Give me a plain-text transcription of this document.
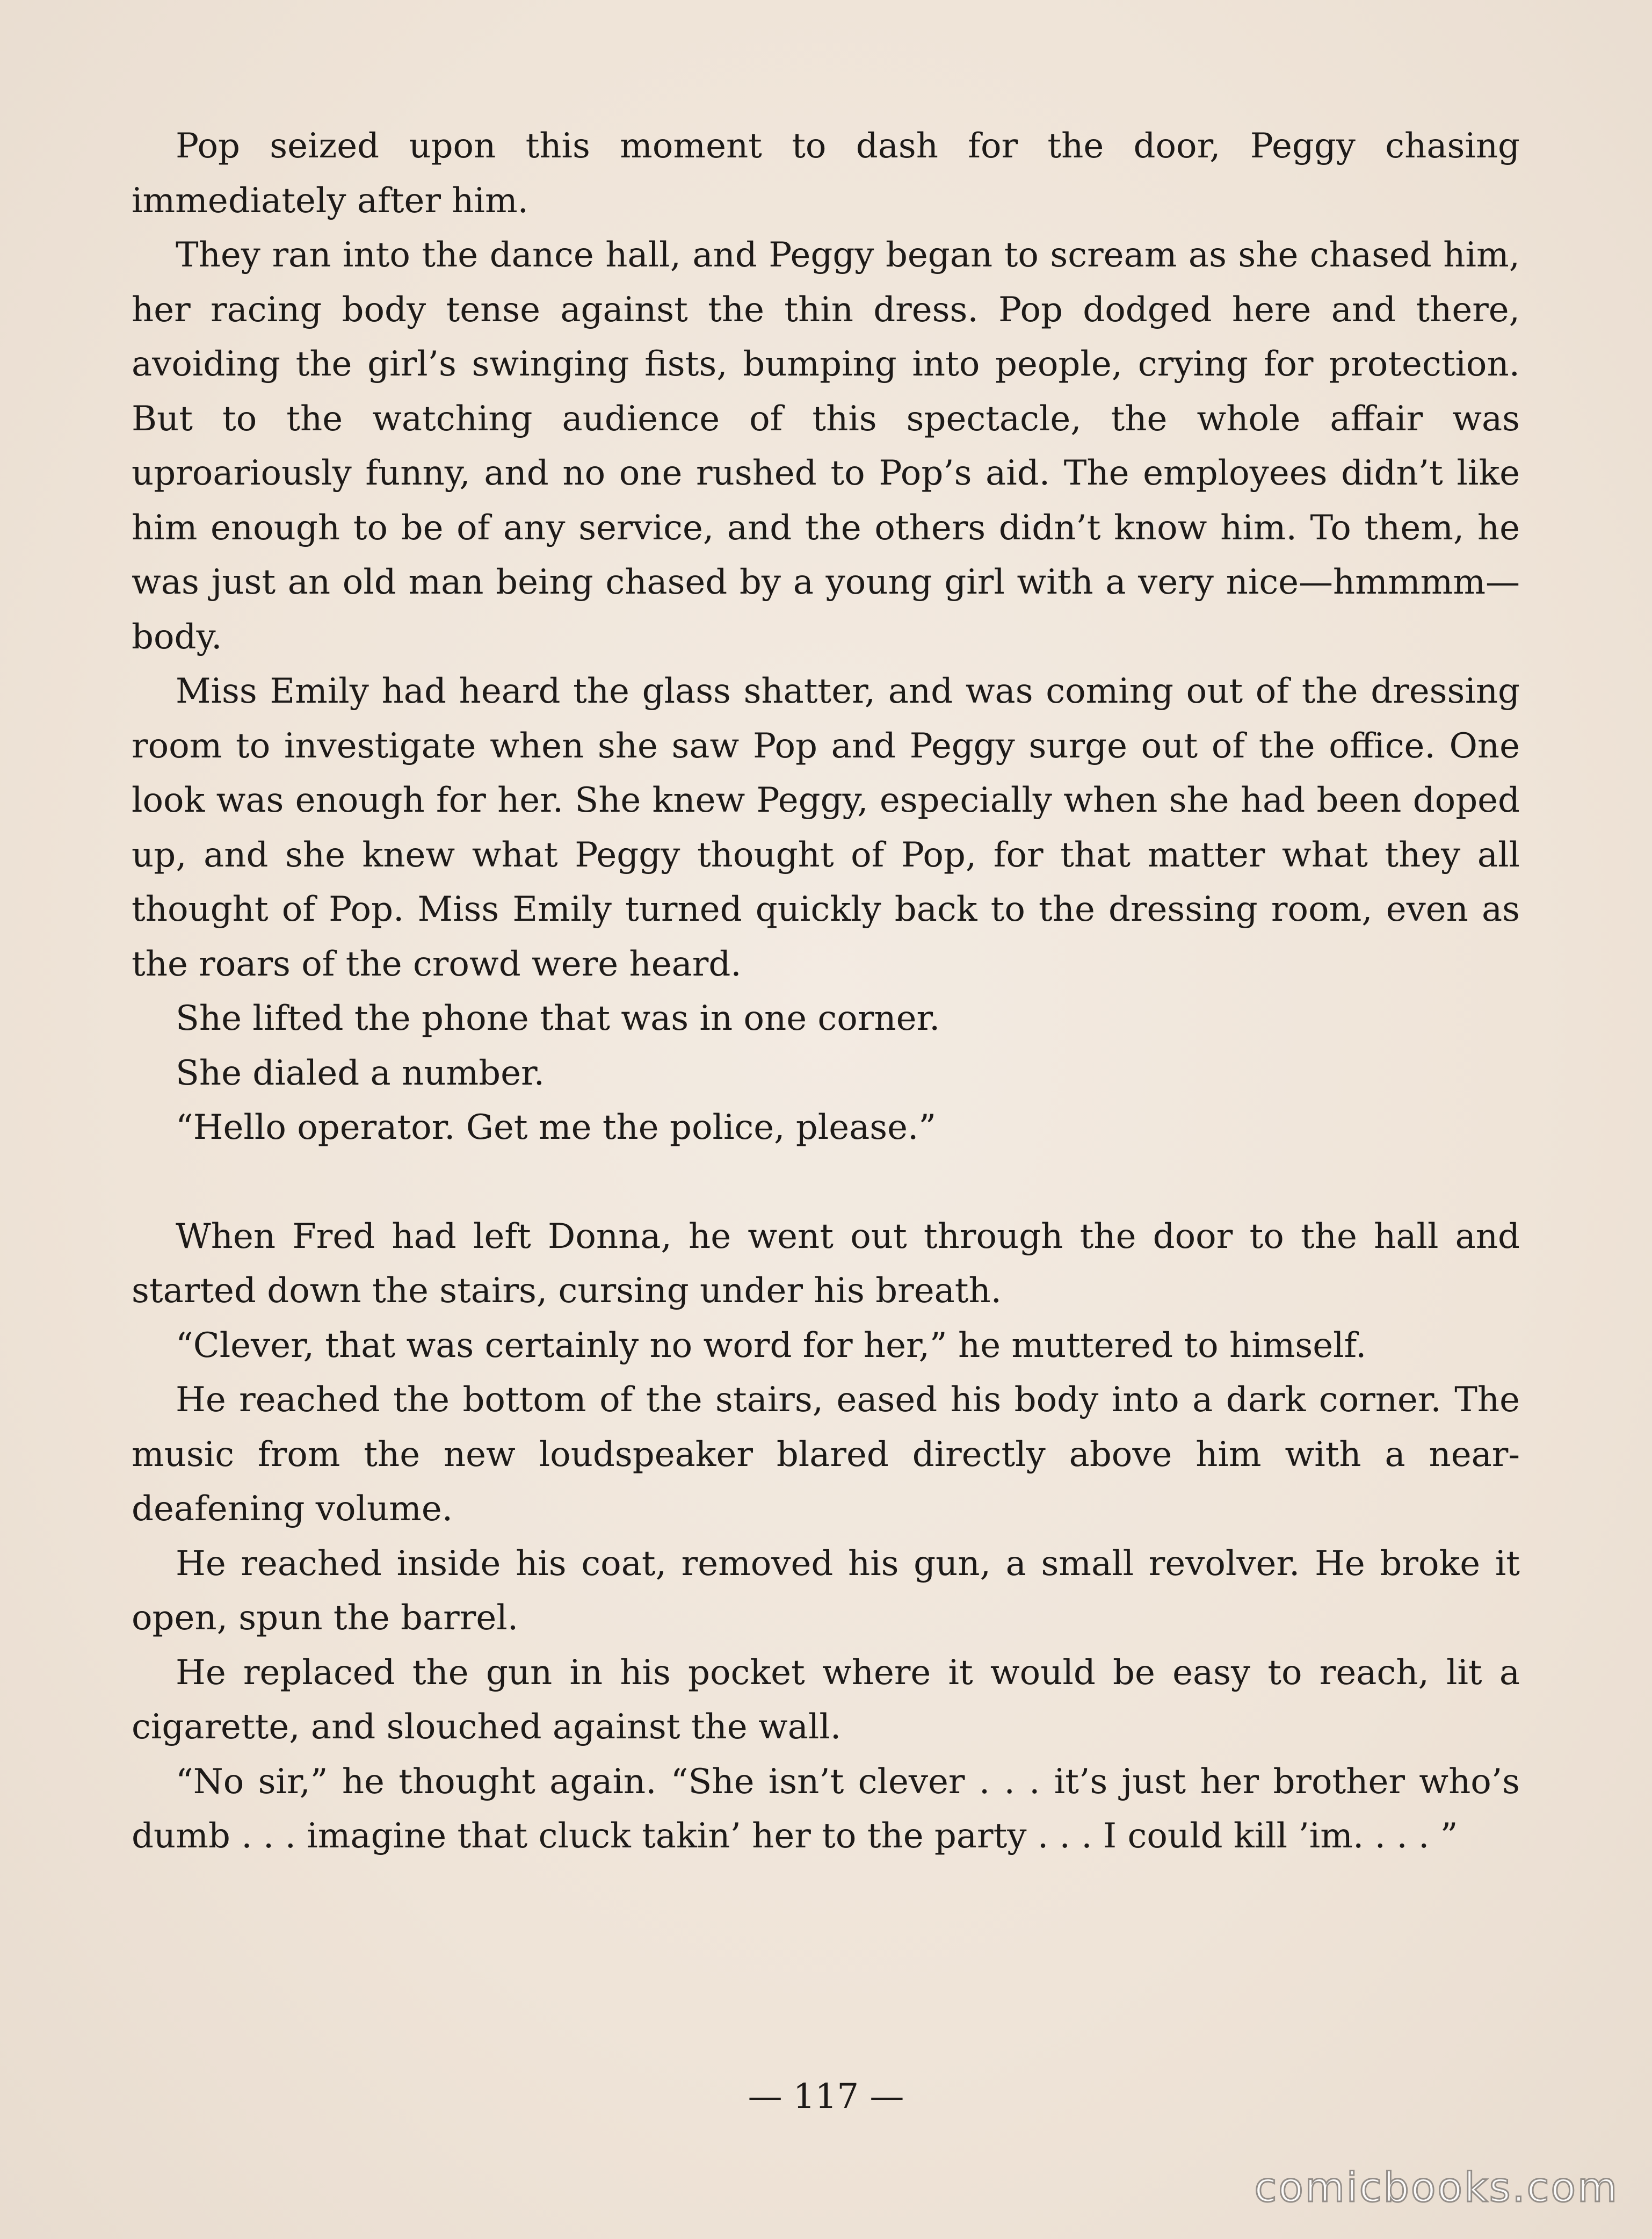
Pop seized upon this moment to dash for the door, Peggy chasing immediately after him.

They ran into the dance hall, and Peggy began to scream as she chased him, her racing body tense against the thin dress. Pop dodged here and there, avoiding the girl’s swinging fists, bumping into people, crying for protection. But to the watching audience of this spectacle, the whole affair was uproariously funny, and no one rushed to Pop’s aid. The employees didn’t like him enough to be of any service, and the others didn’t know him. To them, he was just an old man being chased by a young girl with a very nice—hmmmm—body.

Miss Emily had heard the glass shatter, and was coming out of the dressing room to investigate when she saw Pop and Peggy surge out of the office. One look was enough for her. She knew Peggy, especially when she had been doped up, and she knew what Peggy thought of Pop, for that matter what they all thought of Pop. Miss Emily turned quickly back to the dressing room, even as the roars of the crowd were heard.

She lifted the phone that was in one corner.

She dialed a number.

“Hello operator. Get me the police, please.”

When Fred had left Donna, he went out through the door to the hall and started down the stairs, cursing under his breath.

“Clever, that was certainly no word for her,” he muttered to himself.

He reached the bottom of the stairs, eased his body into a dark corner. The music from the new loudspeaker blared directly above him with a near-deafening volume.

He reached inside his coat, removed his gun, a small revolver. He broke it open, spun the barrel.

He replaced the gun in his pocket where it would be easy to reach, lit a cigarette, and slouched against the wall.

“No sir,” he thought again. “She isn’t clever . . . it’s just her brother who’s dumb . . . imagine that cluck takin’ her to the party . . . I could kill ’im. . . . ”

— 117 —
comicbooks.com
